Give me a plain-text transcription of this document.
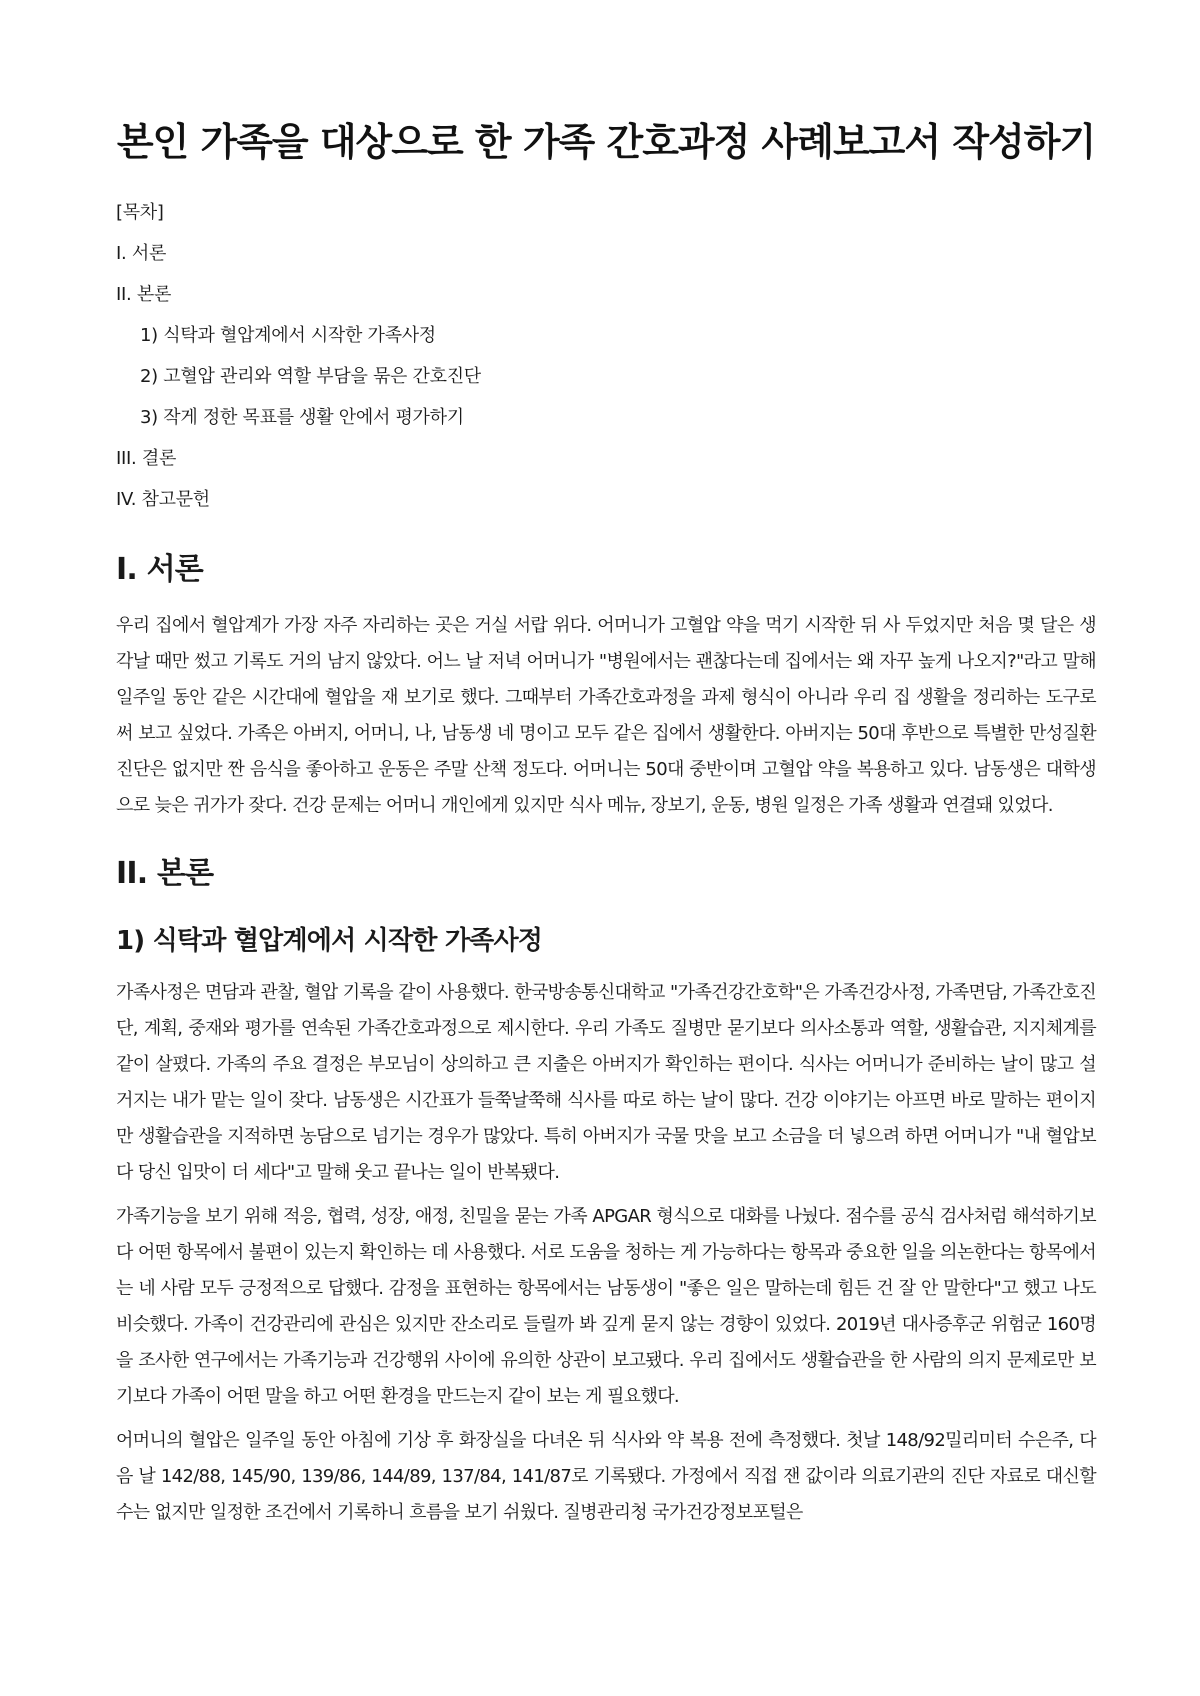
본인 가족을 대상으로 한 가족 간호과정 사례보고서 작성하기

[목차]

I. 서론

II. 본론

1) 식탁과 혈압계에서 시작한 가족사정

2) 고혈압 관리와 역할 부담을 묶은 간호진단

3) 작게 정한 목표를 생활 안에서 평가하기

III. 결론

IV. 참고문헌

I. 서론

우리 집에서 혈압계가 가장 자주 자리하는 곳은 거실 서랍 위다. 어머니가 고혈압 약을 먹기 시작한 뒤 사 두었지만 처음 몇 달은 생각날 때만 썼고 기록도 거의 남지 않았다. 어느 날 저녁 어머니가 "병원에서는 괜찮다는데 집에서는 왜 자꾸 높게 나오지?"라고 말해 일주일 동안 같은 시간대에 혈압을 재 보기로 했다. 그때부터 가족간호과정을 과제 형식이 아니라 우리 집 생활을 정리하는 도구로 써 보고 싶었다. 가족은 아버지, 어머니, 나, 남동생 네 명이고 모두 같은 집에서 생활한다. 아버지는 50대 후반으로 특별한 만성질환 진단은 없지만 짠 음식을 좋아하고 운동은 주말 산책 정도다. 어머니는 50대 중반이며 고혈압 약을 복용하고 있다. 남동생은 대학생으로 늦은 귀가가 잦다. 건강 문제는 어머니 개인에게 있지만 식사 메뉴, 장보기, 운동, 병원 일정은 가족 생활과 연결돼 있었다.

II. 본론
1) 식탁과 혈압계에서 시작한 가족사정

가족사정은 면담과 관찰, 혈압 기록을 같이 사용했다. 한국방송통신대학교 "가족건강간호학"은 가족건강사정, 가족면담, 가족간호진단, 계획, 중재와 평가를 연속된 가족간호과정으로 제시한다. 우리 가족도 질병만 묻기보다 의사소통과 역할, 생활습관, 지지체계를 같이 살폈다. 가족의 주요 결정은 부모님이 상의하고 큰 지출은 아버지가 확인하는 편이다. 식사는 어머니가 준비하는 날이 많고 설거지는 내가 맡는 일이 잦다. 남동생은 시간표가 들쭉날쭉해 식사를 따로 하는 날이 많다. 건강 이야기는 아프면 바로 말하는 편이지만 생활습관을 지적하면 농담으로 넘기는 경우가 많았다. 특히 아버지가 국물 맛을 보고 소금을 더 넣으려 하면 어머니가 "내 혈압보다 당신 입맛이 더 세다"고 말해 웃고 끝나는 일이 반복됐다.

가족기능을 보기 위해 적응, 협력, 성장, 애정, 친밀을 묻는 가족 APGAR 형식으로 대화를 나눴다. 점수를 공식 검사처럼 해석하기보다 어떤 항목에서 불편이 있는지 확인하는 데 사용했다. 서로 도움을 청하는 게 가능하다는 항목과 중요한 일을 의논한다는 항목에서는 네 사람 모두 긍정적으로 답했다. 감정을 표현하는 항목에서는 남동생이 "좋은 일은 말하는데 힘든 건 잘 안 말한다"고 했고 나도 비슷했다. 가족이 건강관리에 관심은 있지만 잔소리로 들릴까 봐 깊게 묻지 않는 경향이 있었다. 2019년 대사증후군 위험군 160명을 조사한 연구에서는 가족기능과 건강행위 사이에 유의한 상관이 보고됐다. 우리 집에서도 생활습관을 한 사람의 의지 문제로만 보기보다 가족이 어떤 말을 하고 어떤 환경을 만드는지 같이 보는 게 필요했다.

어머니의 혈압은 일주일 동안 아침에 기상 후 화장실을 다녀온 뒤 식사와 약 복용 전에 측정했다. 첫날 148/92밀리미터 수은주, 다음 날 142/88, 145/90, 139/86, 144/89, 137/84, 141/87로 기록됐다. 가정에서 직접 잰 값이라 의료기관의 진단 자료로 대신할 수는 없지만 일정한 조건에서 기록하니 흐름을 보기 쉬웠다. 질병관리청 국가건강정보포털은
